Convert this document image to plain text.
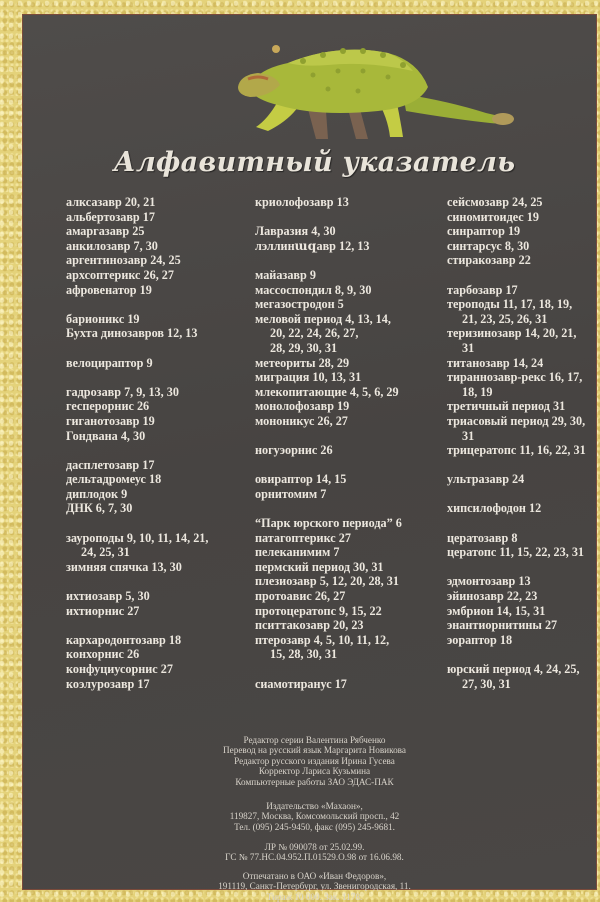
Алфавитный указатель
алксазавр 20, 21
альбертозавр 17
амаргазавр 25
анкилозавр 7, 30
аргентинозавр 24, 25
архсоптерикс 26, 27
афровенатор 19
барионикс 19
Бухта динозавров 12, 13
велоцираптор 9
гадрозавр 7, 9, 13, 30
гесперорнис 26
гиганотозавр 19
Гондвана 4, 30
дасплетозавр 17
дельтадромеус 18
диплодок 9
ДНК 6, 7, 30
зауроподы 9, 10, 11, 14, 21,
24, 25, 31
зимняя спячка 13, 30
ихтиозавр 5, 30
ихтиорнис 27
кархародонтозавр 18
конхорнис 26
конфуциусорнис 27
коэлурозавр 17
криолофозавр 13
Лавразия 4, 30
лэллинազавр 12, 13
майазавр 9
массоспондил 8, 9, 30
мегазостродон 5
меловой период 4, 13, 14,
20, 22, 24, 26, 27,
28, 29, 30, 31
метеориты 28, 29
миграция 10, 13, 31
млекопитающие 4, 5, 6, 29
монолофозавр 19
мононикус 26, 27
ногуэорнис 26
овираптор 14, 15
орнитомим 7
“Парк юрского периода” 6
патагоптерикс 27
пелеканимим 7
пермский период 30, 31
плезиозавр 5, 12, 20, 28, 31
протоавис 26, 27
протоцератопс 9, 15, 22
пситтакозавр 20, 23
птерозавр 4, 5, 10, 11, 12,
15, 28, 30, 31
сиамотиранус 17
сейсмозавр 24, 25
синомитоидес 19
синраптор 19
синтарсус 8, 30
стиракозавр 22
тарбозавр 17
тероподы 11, 17, 18, 19,
21, 23, 25, 26, 31
теризинозавр 14, 20, 21,
31
титанозавр 14, 24
тираннозавр-рекс 16, 17,
18, 19
третичный период 31
триасовый период 29, 30,
31
трицератопс 11, 16, 22, 31
ультразавр 24
хипсилофодон 12
цератозавр 8
цератопс 11, 15, 22, 23, 31
эдмонтозавр 13
эйинозавр 22, 23
эмбрион 14, 15, 31
энантиорнитины 27
эораптор 18
юрский период 4, 24, 25,
27, 30, 31
Редактор серии Валентина Рябченко
Перевод на русский язык Маргарита Новикова
Редактор русского издания Ирина Гусева
Корректор Лариса Кузьмина
Компьютерные работы ЗАО ЭДАС-ПАК
Издательство «Махаон»,
119827, Москва, Комсомольский просп., 42
Тел. (095) 245-9450, факс (095) 245-9681.
ЛР № 090078 от 25.02.99.
ГС № 77.НС.04.952.П.01529.О.98 от 16.06.98.
Отпечатано в ОАО «Иван Федоров»,
191119, Санкт-Петербург, ул. Звенигородская, 11.
Тираж 10 000. Зак. 1178.
